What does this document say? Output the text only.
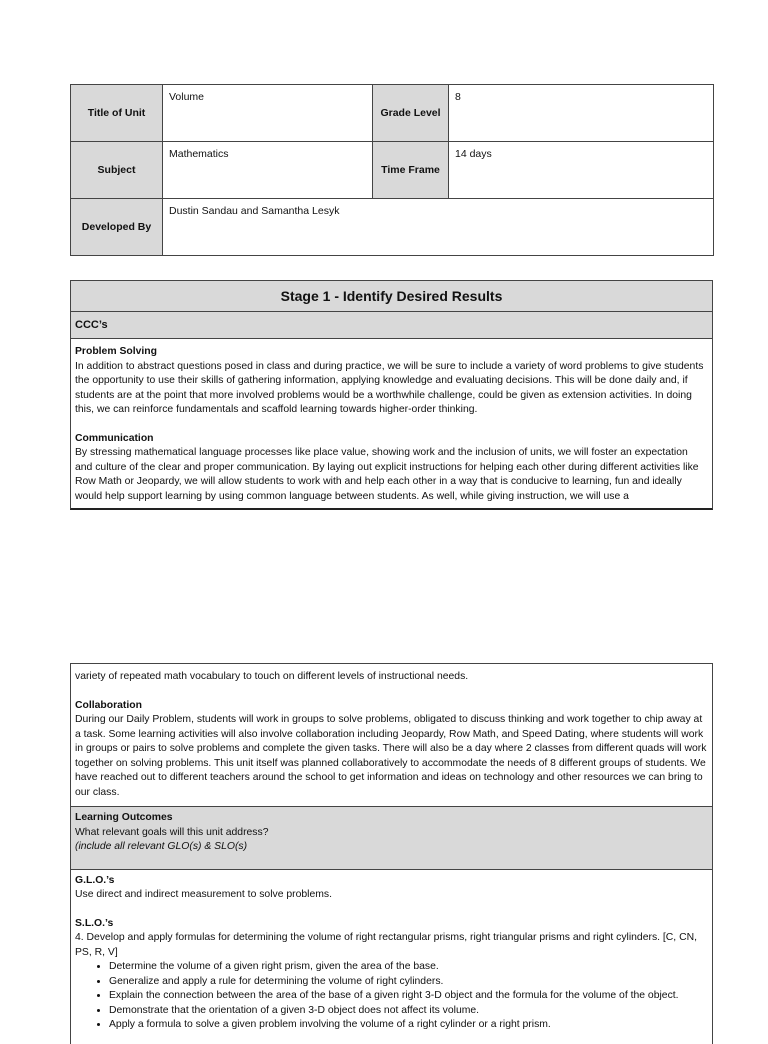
Title of Unit	Volume	Grade Level	8
Subject	Mathematics	Time Frame	14 days
Developed By	Dustin Sandau and Samantha Lesyk		
Stage 1 - Identify Desired Results
CCC’s
Problem Solving
In addition to abstract questions posed in class and during practice, we will be sure to include a variety of word problems to give students the opportunity to use their skills of gathering information, applying knowledge and evaluating decisions. This will be done daily and, if students are at the point that more involved problems would be a worthwhile challenge, could be given as extension activities. In doing this, we can reinforce fundamentals and scaffold learning towards higher-order thinking.
Communication
By stressing mathematical language processes like place value, showing work and the inclusion of units, we will foster an expectation and culture of the clear and proper communication. By laying out explicit instructions for helping each other during different activities like Row Math or Jeopardy, we will allow students to work with and help each other in a way that is conducive to learning, fun and ideally would help support learning by using common language between students. As well, while giving instruction, we will use a
variety of repeated math vocabulary to touch on different levels of instructional needs.
Collaboration
During our Daily Problem, students will work in groups to solve problems, obligated to discuss thinking and work together to chip away at a task. Some learning activities will also involve collaboration including Jeopardy, Row Math, and Speed Dating, where students will work in groups or pairs to solve problems and complete the given tasks. There will also be a day where 2 classes from different quads will work together on solving problems. This unit itself was planned collaboratively to accommodate the needs of 8 different groups of students. We have reached out to different teachers around the school to get information and ideas on technology and other resources we can bring to our class.
Learning Outcomes
What relevant goals will this unit address?
(include all relevant GLO(s) & SLO(s)
G.L.O.’s
Use direct and indirect measurement to solve problems.
S.L.O.’s
4. Develop and apply formulas for determining the volume of right rectangular prisms, right triangular prisms and right cylinders. [C, CN, PS, R, V]
• Determine the volume of a given right prism, given the area of the base.
• Generalize and apply a rule for determining the volume of right cylinders.
• Explain the connection between the area of the base of a given right 3-D object and the formula for the volume of the object.
• Demonstrate that the orientation of a given 3-D object does not affect its volume.
• Apply a formula to solve a given problem involving the volume of a right cylinder or a right prism.
